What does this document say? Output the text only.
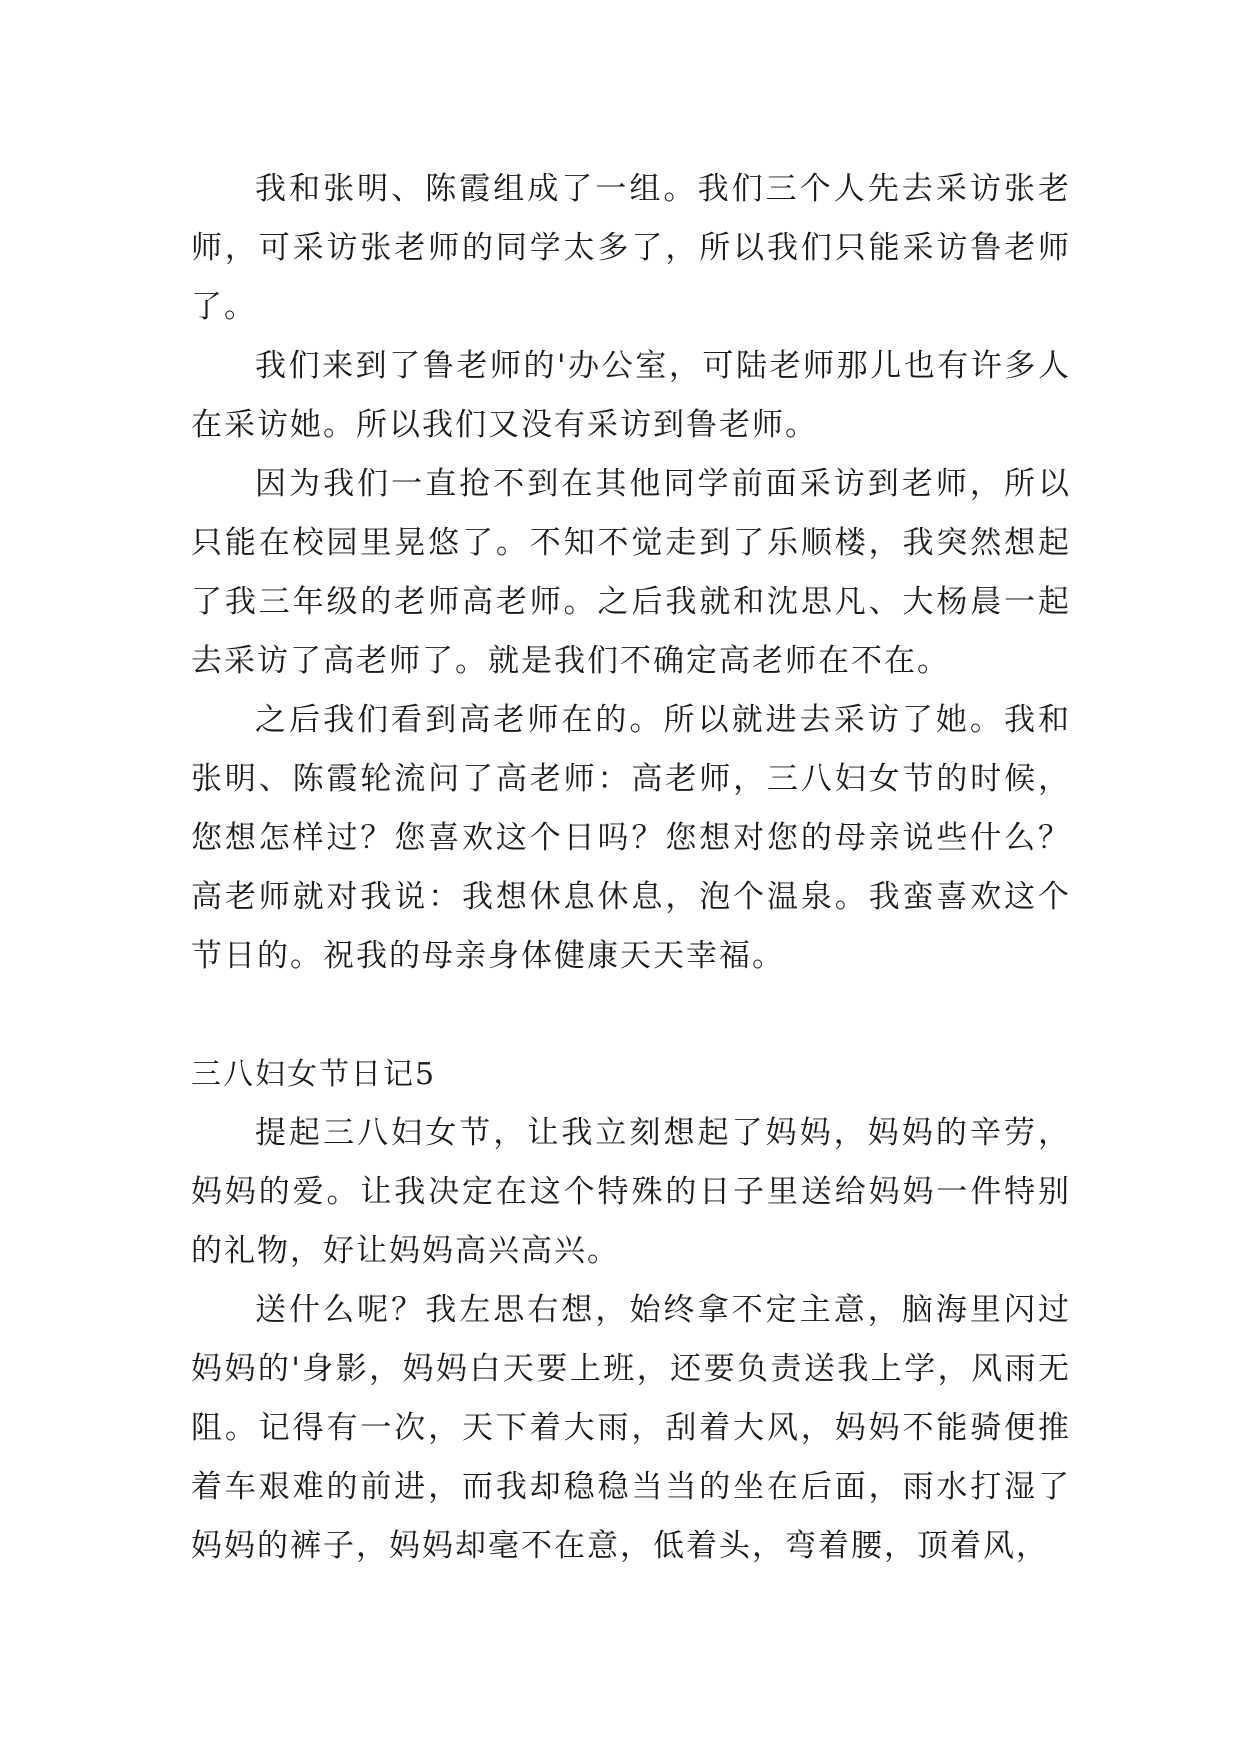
我和张明、陈霞组成了一组。我们三个人先去采访张老师，可采访张老师的同学太多了，所以我们只能采访鲁老师了。

我们来到了鲁老师的'办公室，可陆老师那儿也有许多人在采访她。所以我们又没有采访到鲁老师。

因为我们一直抢不到在其他同学前面采访到老师，所以只能在校园里晃悠了。不知不觉走到了乐顺楼，我突然想起了我三年级的老师高老师。之后我就和沈思凡、大杨晨一起去采访了高老师了。就是我们不确定高老师在不在。

之后我们看到高老师在的。所以就进去采访了她。我和张明、陈霞轮流问了高老师：高老师，三八妇女节的时候，您想怎样过？您喜欢这个日吗？您想对您的母亲说些什么？高老师就对我说：我想休息休息，泡个温泉。我蛮喜欢这个节日的。祝我的母亲身体健康天天幸福。

三八妇女节日记5

提起三八妇女节，让我立刻想起了妈妈，妈妈的辛劳，妈妈的爱。让我决定在这个特殊的日子里送给妈妈一件特别的礼物，好让妈妈高兴高兴。

送什么呢？我左思右想，始终拿不定主意，脑海里闪过妈妈的'身影，妈妈白天要上班，还要负责送我上学，风雨无阻。记得有一次，天下着大雨，刮着大风，妈妈不能骑便推着车艰难的前进，而我却稳稳当当的坐在后面，雨水打湿了妈妈的裤子，妈妈却毫不在意，低着头，弯着腰，顶着风，
